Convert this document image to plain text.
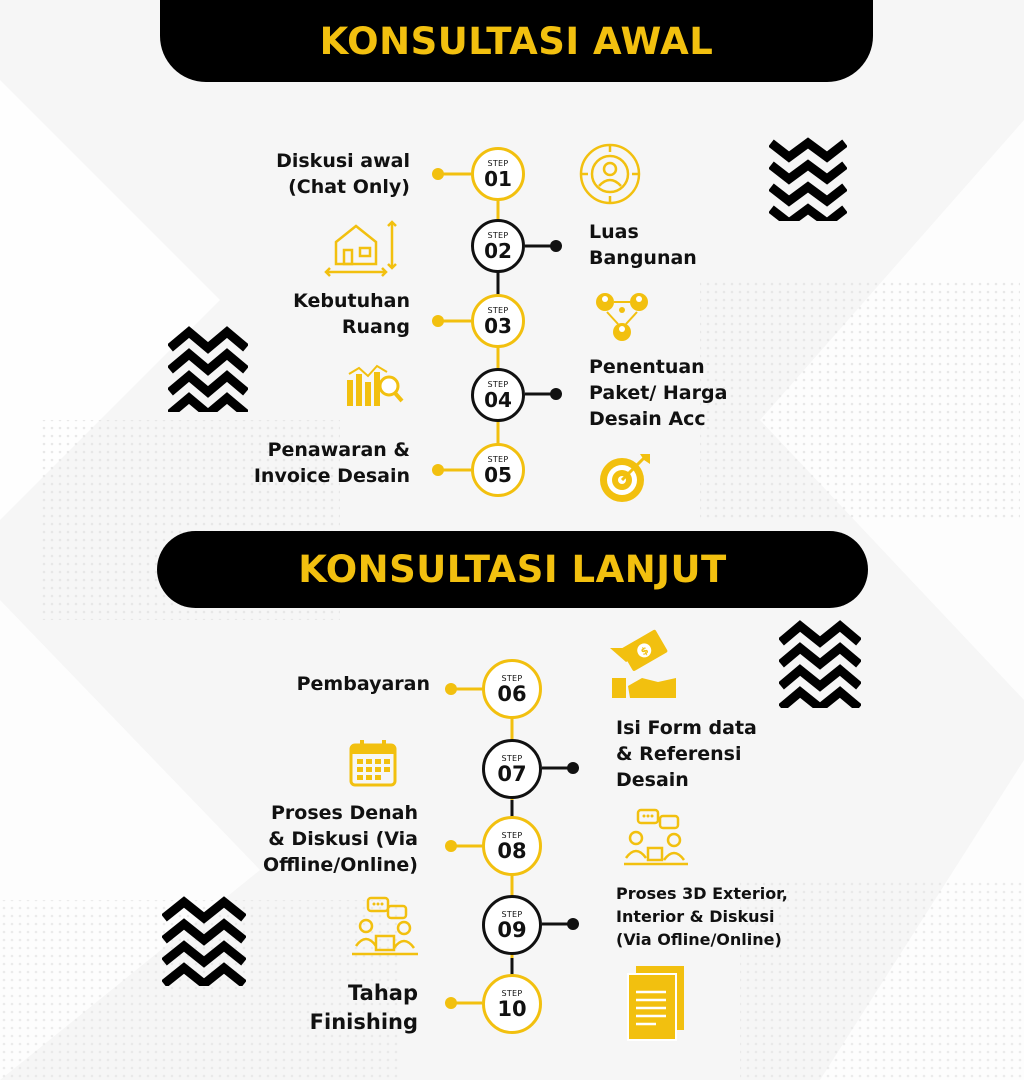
KONSULTASI AWAL
KONSULTASI LANJUT
STEP
01
STEP
02
STEP
03
STEP
04
STEP
05
STEP
06
STEP
07
STEP
08
STEP
09
STEP
10
Diskusi awal
(Chat Only)
Luas
Bangunan
Kebutuhan
Ruang
Penentuan
Paket/ Harga
Desain Acc
Penawaran &
Invoice Desain
Pembayaran
Isi Form data
& Referensi
Desain
Proses Denah
& Diskusi (Via
Offline/Online)
Proses 3D Exterior,
Interior & Diskusi
(Via Ofline/Online)
Tahap
Finishing
$
